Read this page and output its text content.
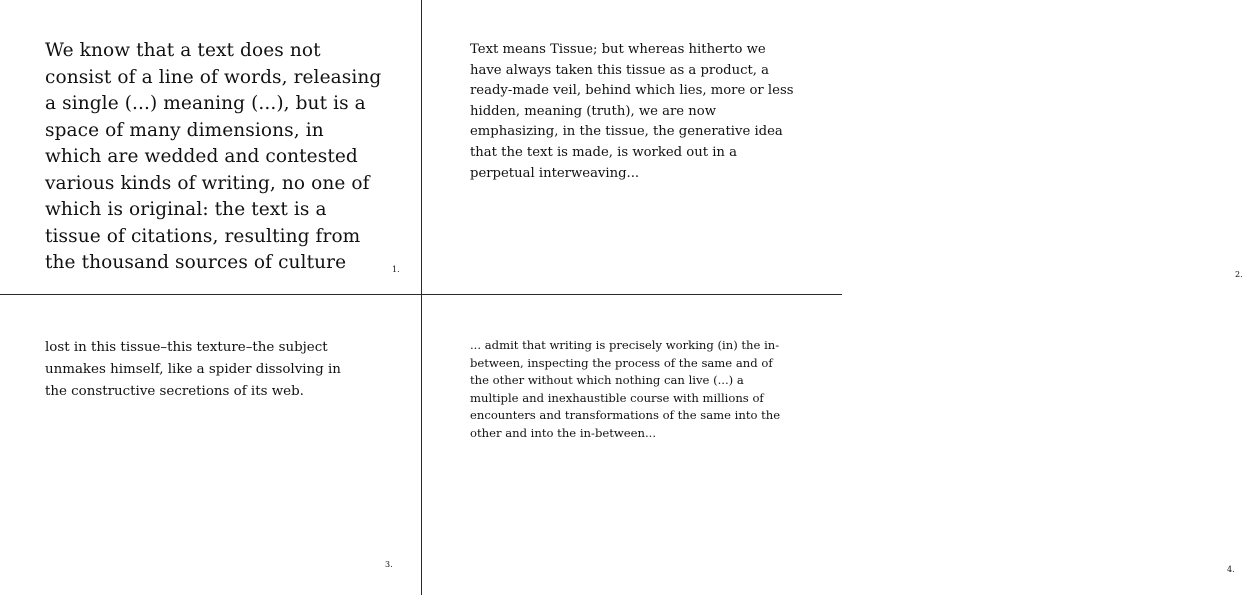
We know that a text does not consist of a line of words, releasing a single (...) meaning (...), but is a space of many dimensions, in which are wedded and contested various kinds of writing, no one of which is original: the text is a tissue of citations, resulting from the thousand sources of culture	1.
Text means Tissue; but whereas hitherto we have always taken this tissue as a product, a ready-made veil, behind which lies, more or less hidden, meaning (truth), we are now emphasizing, in the tissue, the generative idea that the text is made, is worked out in a perpetual interweaving...
2.
lost in this tissue–this texture–the subject unmakes himself, like a spider dissolving in the constructive secretions of its web.
3.
... admit that writing is precisely working (in) the in-between, inspecting the process of the same and of the other without which nothing can live (...) a multiple and inexhaustible course with millions of encounters and transformations of the same into the other and into the in-between...
4.
